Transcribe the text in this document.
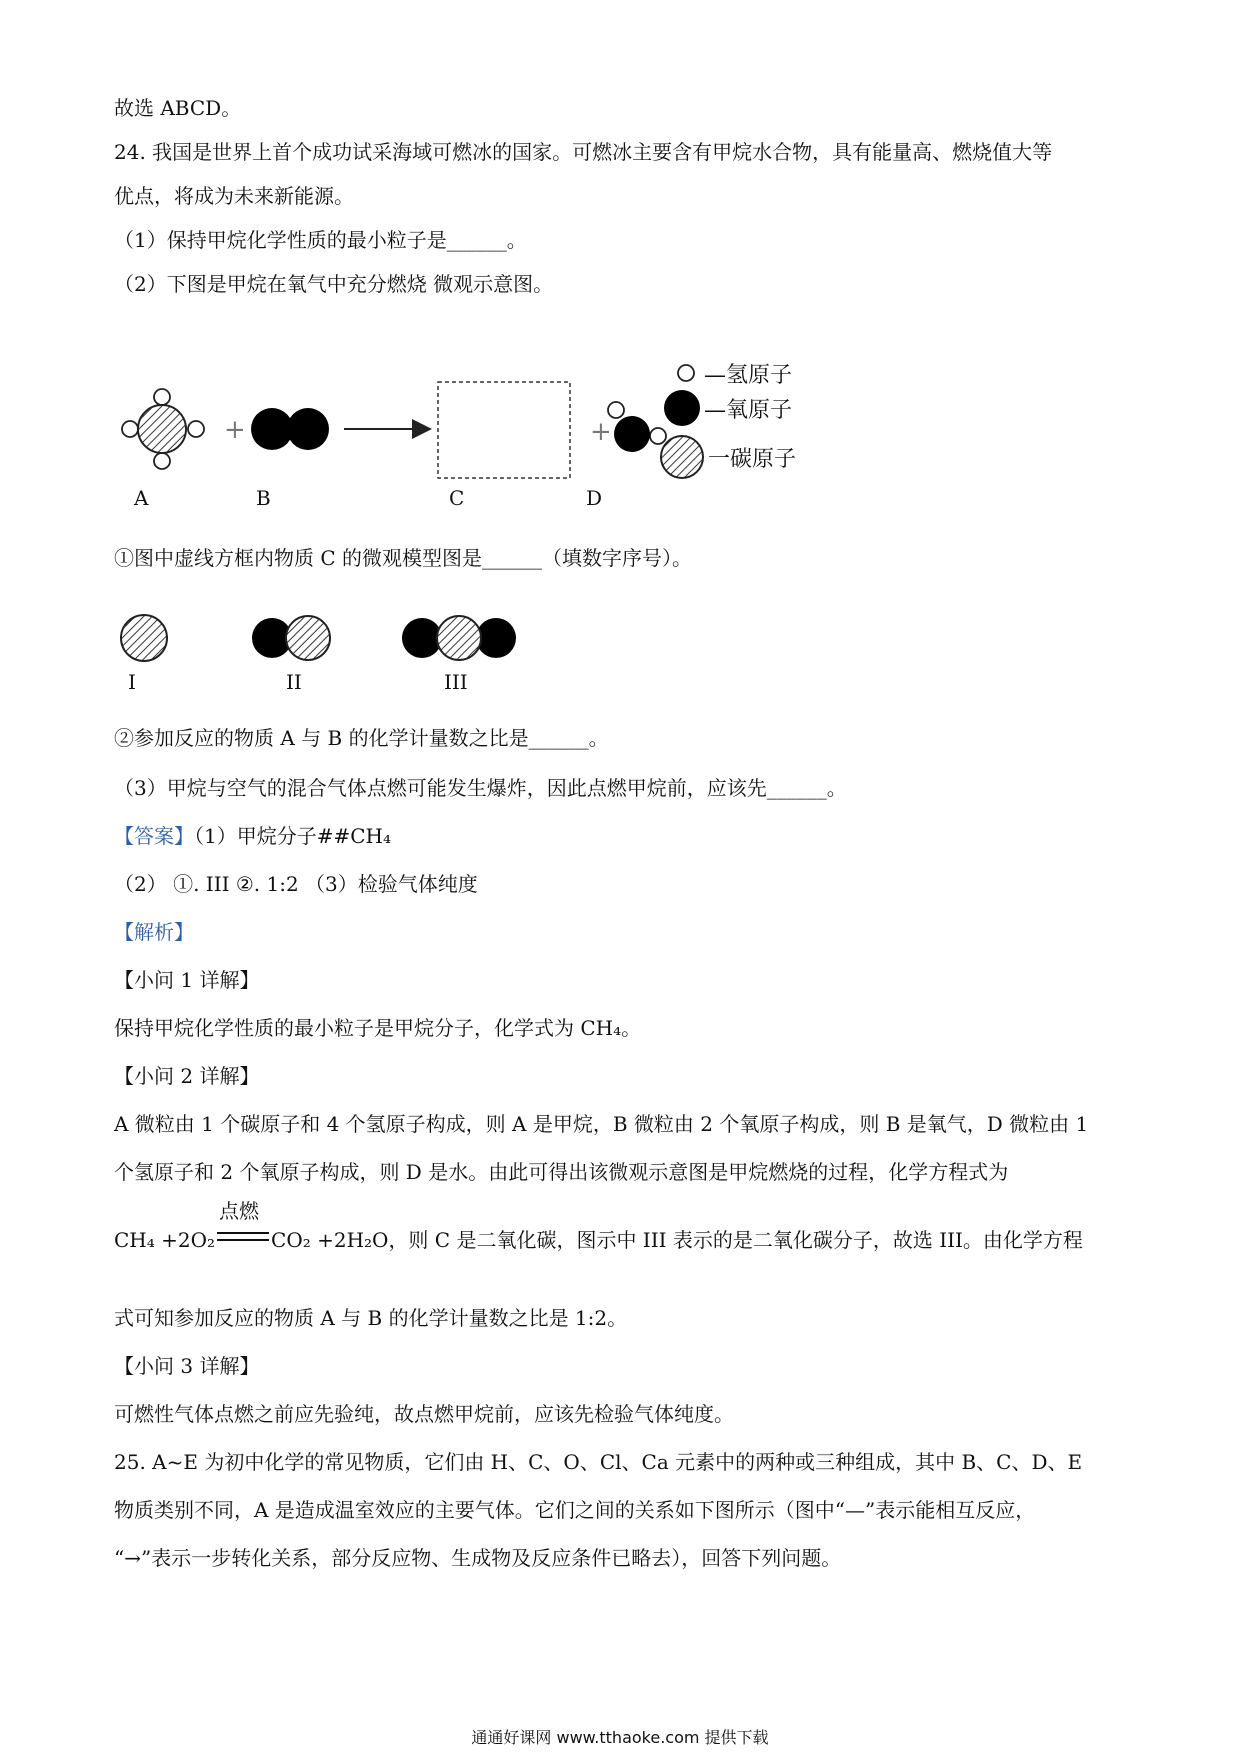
故选 ABCD。
24. 我国是世界上首个成功试采海域可燃冰的国家。可燃冰主要含有甲烷水合物，具有能量高、燃烧值大等
优点，将成为未来新能源。
（1）保持甲烷化学性质的最小粒子是______。
（2）下图是甲烷在氧气中充分燃烧 微观示意图。
+	+
—氢原子
—氧原子
一碳原子
A	B	C	D
①图中虚线方框内物质 C 的微观模型图是______（填数字序号）。
I	II	III
②参加反应的物质 A 与 B 的化学计量数之比是______。
（3）甲烷与空气的混合气体点燃可能发生爆炸，因此点燃甲烷前，应该先______。
【答案】（1）甲烷分子##CH₄
（2） ①. III ②. 1:2 （3）检验气体纯度
【解析】
【小问 1 详解】
保持甲烷化学性质的最小粒子是甲烷分子，化学式为 CH₄。
【小问 2 详解】
A 微粒由 1 个碳原子和 4 个氢原子构成，则 A 是甲烷，B 微粒由 2 个氧原子构成，则 B 是氧气，D 微粒由 1
个氢原子和 2 个氧原子构成，则 D 是水。由此可得出该微观示意图是甲烷燃烧的过程，化学方程式为
CH₄ +2O₂
点燃
CO₂ +2H₂O，则 C 是二氧化碳，图示中 III 表示的是二氧化碳分子，故选 III。由化学方程
式可知参加反应的物质 A 与 B 的化学计量数之比是 1:2。
【小问 3 详解】
可燃性气体点燃之前应先验纯，故点燃甲烷前，应该先检验气体纯度。
25. A~E 为初中化学的常见物质，它们由 H、C、O、Cl、Ca 元素中的两种或三种组成，其中 B、C、D、E
物质类别不同，A 是造成温室效应的主要气体。它们之间的关系如下图所示（图中“—”表示能相互反应，
“→”表示一步转化关系，部分反应物、生成物及反应条件已略去），回答下列问题。
通通好课网 www.tthaoke.com 提供下载
